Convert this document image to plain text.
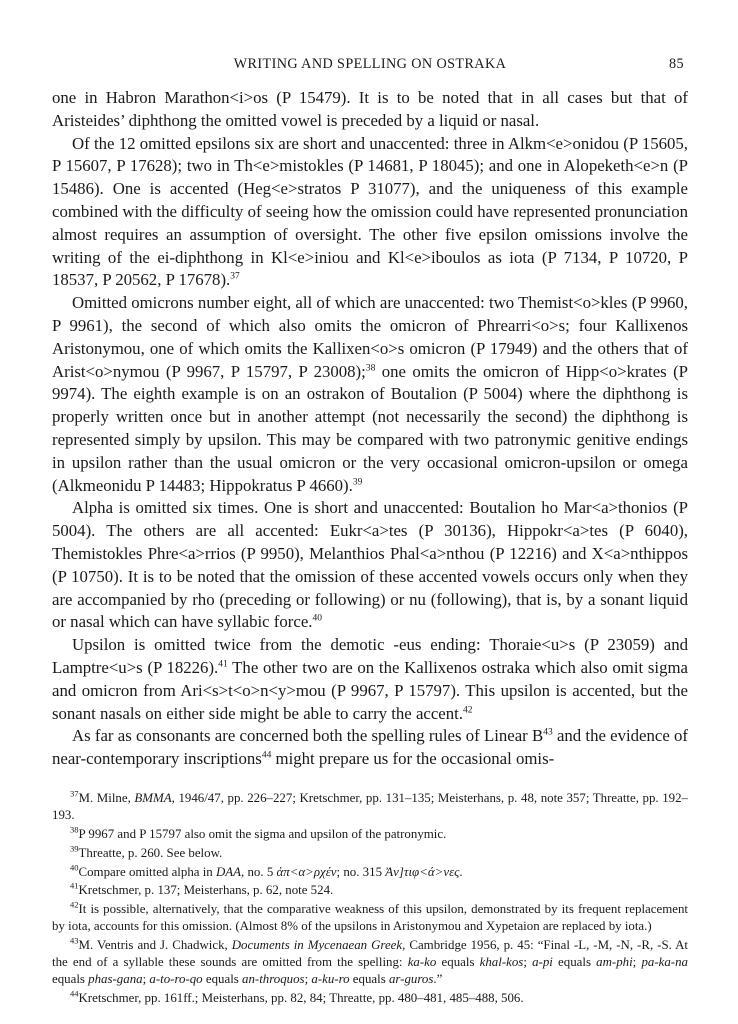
WRITING AND SPELLING ON OSTRAKA	85

one in Habron Marathon<i>os (P 15479). It is to be noted that in all cases but that of Aristeides’ diphthong the omitted vowel is preceded by a liquid or nasal.

Of the 12 omitted epsilons six are short and unaccented: three in Alkm<e>onidou (P 15605, P 15607, P 17628); two in Th<e>mistokles (P 14681, P 18045); and one in Alopeketh<e>n (P 15486). One is accented (Heg<e>stratos P 31077), and the uniqueness of this example combined with the difficulty of seeing how the omission could have represented pronunciation almost requires an assumption of oversight. The other five epsilon omissions involve the writing of the ei-diphthong in Kl<e>iniou and Kl<e>iboulos as iota (P 7134, P 10720, P 18537, P 20562, P 17678).$^{37}$

Omitted omicrons number eight, all of which are unaccented: two Themist<o>kles (P 9960, P 9961), the second of which also omits the omicron of Phrearri<o>s; four Kallixenos Aristonymou, one of which omits the Kallixen<o>s omicron (P 17949) and the others that of Arist<o>nymou (P 9967, P 15797, P 23008);$^{38}$ one omits the omicron of Hipp<o>krates (P 9974). The eighth example is on an ostrakon of Boutalion (P 5004) where the diphthong is properly written once but in another attempt (not necessarily the second) the diphthong is represented simply by upsilon. This may be compared with two patronymic genitive endings in upsilon rather than the usual omicron or the very occasional omicron-upsilon or omega (Alkmeonidu P 14483; Hippokratus P 4660).$^{39}$

Alpha is omitted six times. One is short and unaccented: Boutalion ho Mar<a>thonios (P 5004). The others are all accented: Eukr<a>tes (P 30136), Hippokr<a>tes (P 6040), Themistokles Phre<a>rrios (P 9950), Melanthios Phal<a>nthou (P 12216) and X<a>nthippos (P 10750). It is to be noted that the omission of these accented vowels occurs only when they are accompanied by rho (preceding or following) or nu (following), that is, by a sonant liquid or nasal which can have syllabic force.$^{40}$

Upsilon is omitted twice from the demotic -eus ending: Thoraie<u>s (P 23059) and Lamptre<u>s (P 18226).$^{41}$ The other two are on the Kallixenos ostraka which also omit sigma and omicron from Ari<s>t<o>n<y>mou (P 9967, P 15797). This upsilon is accented, but the sonant nasals on either side might be able to carry the accent.$^{42}$

As far as consonants are concerned both the spelling rules of Linear B$^{43}$ and the evidence of near-contemporary inscriptions$^{44}$ might prepare us for the occasional omis-

$^{37}$M. Milne, BMMA, 1946/47, pp. 226–227; Kretschmer, pp. 131–135; Meisterhans, p. 48, note 357; Threatte, pp. 192–193.

$^{38}$P 9967 and P 15797 also omit the sigma and upsilon of the patronymic.

$^{39}$Threatte, p. 260. See below.

$^{40}$Compare omitted alpha in DAA, no. 5 ἀπ<α>ρχέν; no. 315 Ἀν]τιφ<ά>νες.

$^{41}$Kretschmer, p. 137; Meisterhans, p. 62, note 524.

$^{42}$It is possible, alternatively, that the comparative weakness of this upsilon, demonstrated by its frequent replacement by iota, accounts for this omission. (Almost 8% of the upsilons in Aristonymou and Xypetaion are replaced by iota.)

$^{43}$M. Ventris and J. Chadwick, Documents in Mycenaean Greek, Cambridge 1956, p. 45: “Final -L, -M, -N, -R, -S. At the end of a syllable these sounds are omitted from the spelling: ka-ko equals khal-kos; a-pi equals am-phi; pa-ka-na equals phas-gana; a-to-ro-qo equals an-throquos; a-ku-ro equals ar-guros.”

$^{44}$Kretschmer, pp. 161ff.; Meisterhans, pp. 82, 84; Threatte, pp. 480–481, 485–488, 506.
